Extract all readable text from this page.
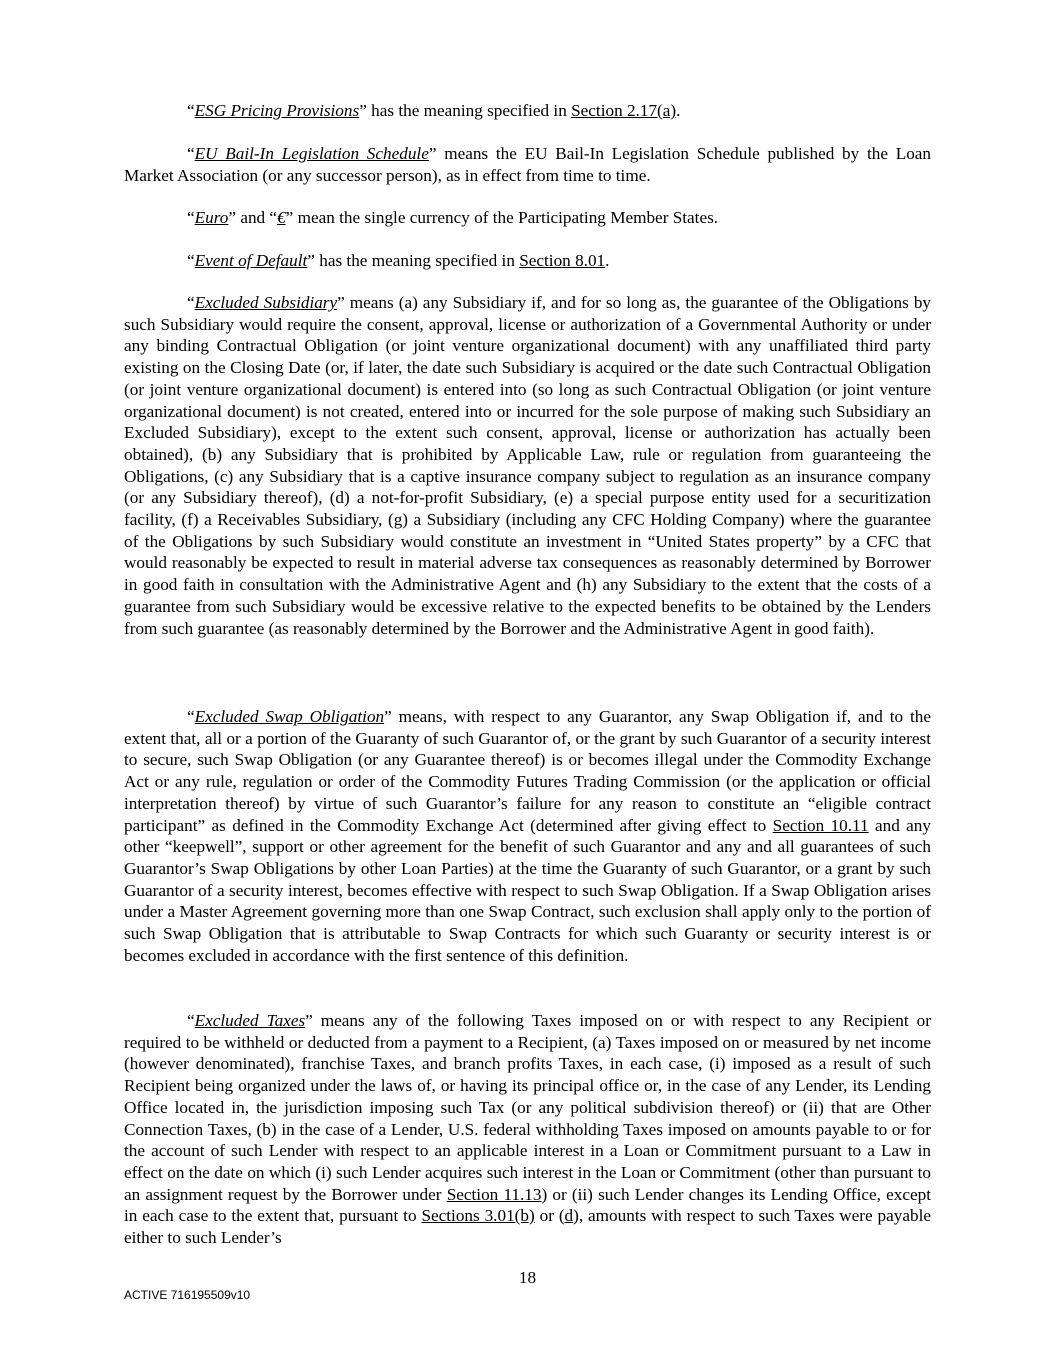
“ESG Pricing Provisions” has the meaning specified in Section 2.17(a).

“EU Bail-In Legislation Schedule” means the EU Bail-In Legislation Schedule published by the Loan Market Association (or any successor person), as in effect from time to time.

“Euro” and “€” mean the single currency of the Participating Member States.

“Event of Default” has the meaning specified in Section 8.01.

“Excluded Subsidiary” means (a) any Subsidiary if, and for so long as, the guarantee of the Obligations by such Subsidiary would require the consent, approval, license or authorization of a Governmental Authority or under any binding Contractual Obligation (or joint venture organizational document) with any unaffiliated third party existing on the Closing Date (or, if later, the date such Subsidiary is acquired or the date such Contractual Obligation (or joint venture organizational document) is entered into (so long as such Contractual Obligation (or joint venture organizational document) is not created, entered into or incurred for the sole purpose of making such Subsidiary an Excluded Subsidiary), except to the extent such consent, approval, license or authorization has actually been obtained), (b) any Subsidiary that is prohibited by Applicable Law, rule or regulation from guaranteeing the Obligations, (c) any Subsidiary that is a captive insurance company subject to regulation as an insurance company (or any Subsidiary thereof), (d) a not-for-profit Subsidiary, (e) a special purpose entity used for a securitization facility, (f) a Receivables Subsidiary, (g) a Subsidiary (including any CFC Holding Company) where the guarantee of the Obligations by such Subsidiary would constitute an investment in “United States property” by a CFC that would reasonably be expected to result in material adverse tax consequences as reasonably determined by Borrower in good faith in consultation with the Administrative Agent and (h) any Subsidiary to the extent that the costs of a guarantee from such Subsidiary would be excessive relative to the expected benefits to be obtained by the Lenders from such guarantee (as reasonably determined by the Borrower and the Administrative Agent in good faith).

“Excluded Swap Obligation” means, with respect to any Guarantor, any Swap Obligation if, and to the extent that, all or a portion of the Guaranty of such Guarantor of, or the grant by such Guarantor of a security interest to secure, such Swap Obligation (or any Guarantee thereof) is or becomes illegal under the Commodity Exchange Act or any rule, regulation or order of the Commodity Futures Trading Commission (or the application or official interpretation thereof) by virtue of such Guarantor’s failure for any reason to constitute an “eligible contract participant” as defined in the Commodity Exchange Act (determined after giving effect to Section 10.11 and any other “keepwell”, support or other agreement for the benefit of such Guarantor and any and all guarantees of such Guarantor’s Swap Obligations by other Loan Parties) at the time the Guaranty of such Guarantor, or a grant by such Guarantor of a security interest, becomes effective with respect to such Swap Obligation. If a Swap Obligation arises under a Master Agreement governing more than one Swap Contract, such exclusion shall apply only to the portion of such Swap Obligation that is attributable to Swap Contracts for which such Guaranty or security interest is or becomes excluded in accordance with the first sentence of this definition.

“Excluded Taxes” means any of the following Taxes imposed on or with respect to any Recipient or required to be withheld or deducted from a payment to a Recipient, (a) Taxes imposed on or measured by net income (however denominated), franchise Taxes, and branch profits Taxes, in each case, (i) imposed as a result of such Recipient being organized under the laws of, or having its principal office or, in the case of any Lender, its Lending Office located in, the jurisdiction imposing such Tax (or any political subdivision thereof) or (ii) that are Other Connection Taxes, (b) in the case of a Lender, U.S. federal withholding Taxes imposed on amounts payable to or for the account of such Lender with respect to an applicable interest in a Loan or Commitment pursuant to a Law in effect on the date on which (i) such Lender acquires such interest in the Loan or Commitment (other than pursuant to an assignment request by the Borrower under Section 11.13) or (ii) such Lender changes its Lending Office, except in each case to the extent that, pursuant to Sections 3.01(b) or (d), amounts with respect to such Taxes were payable either to such Lender’s

18

ACTIVE 716195509v10
